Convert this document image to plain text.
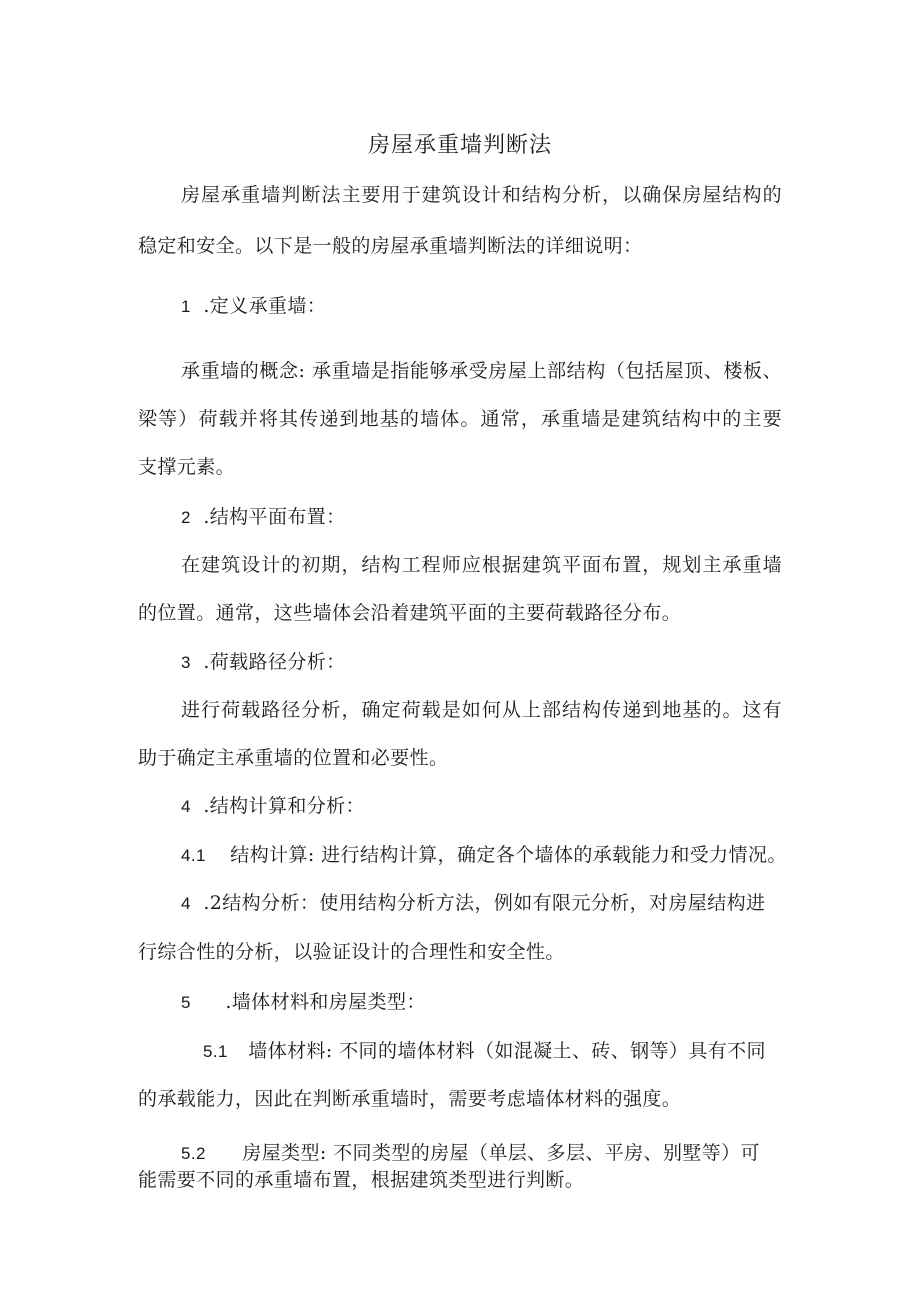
房屋承重墙判断法
房屋承重墙判断法主要用于建筑设计和结构分析，以确保房屋结构的
稳定和安全。以下是一般的房屋承重墙判断法的详细说明：
1 .定义承重墙：
承重墙的概念: 承重墙是指能够承受房屋上部结构（包括屋顶、楼板、
梁等）荷载并将其传递到地基的墙体。通常，承重墙是建筑结构中的主要
支撑元素。
2 .结构平面布置：
在建筑设计的初期，结构工程师应根据建筑平面布置，规划主承重墙
的位置。通常，这些墙体会沿着建筑平面的主要荷载路径分布。
3 .荷载路径分析：
进行荷载路径分析，确定荷载是如何从上部结构传递到地基的。这有
助于确定主承重墙的位置和必要性。
4 .结构计算和分析：
4.1 结构计算: 进行结构计算，确定各个墙体的承载能力和受力情况。
4 .2结构分析：使用结构分析方法，例如有限元分析，对房屋结构进
行综合性的分析，以验证设计的合理性和安全性。
5 .墙体材料和房屋类型：
5.1 墙体材料: 不同的墙体材料（如混凝土、砖、钢等）具有不同
的承载能力，因此在判断承重墙时，需要考虑墙体材料的强度。
5.2 房屋类型: 不同类型的房屋（单层、多层、平房、别墅等）可
能需要不同的承重墙布置，根据建筑类型进行判断。
